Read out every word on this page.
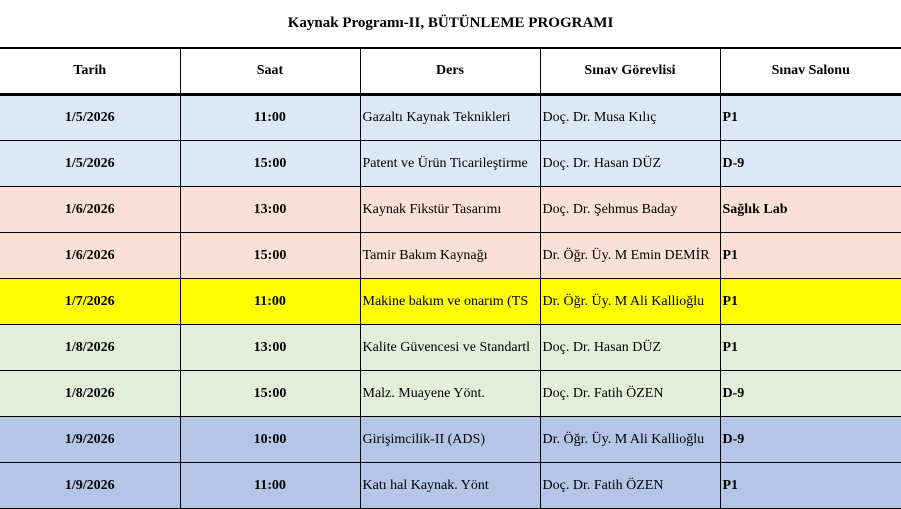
Kaynak Programı-II, BÜTÜNLEME PROGRAMI
Tarih	Saat	Ders	Sınav Görevlisi	Sınav Salonu
1/5/2026	11:00	Gazaltı Kaynak Teknikleri	Doç. Dr. Musa Kılıç	P1
1/5/2026	15:00	Patent ve Ürün Ticarileştirme	Doç. Dr. Hasan DÜZ	D-9
1/6/2026	13:00	Kaynak Fikstür Tasarımı	Doç. Dr. Şehmus Baday	Sağlık Lab
1/6/2026	15:00	Tamir Bakım Kaynağı	Dr. Öğr. Üy. M Emin DEMİR	P1
1/7/2026	11:00	Makine bakım ve onarım (TS	Dr. Öğr. Üy. M Ali Kallioğlu	P1
1/8/2026	13:00	Kalite Güvencesi ve Standartl	Doç. Dr. Hasan DÜZ	P1
1/8/2026	15:00	Malz. Muayene Yönt.	Doç. Dr. Fatih ÖZEN	D-9
1/9/2026	10:00	Girişimcilik-II (ADS)	Dr. Öğr. Üy. M Ali Kallioğlu	D-9
1/9/2026	11:00	Katı hal Kaynak. Yönt	Doç. Dr. Fatih ÖZEN	P1
